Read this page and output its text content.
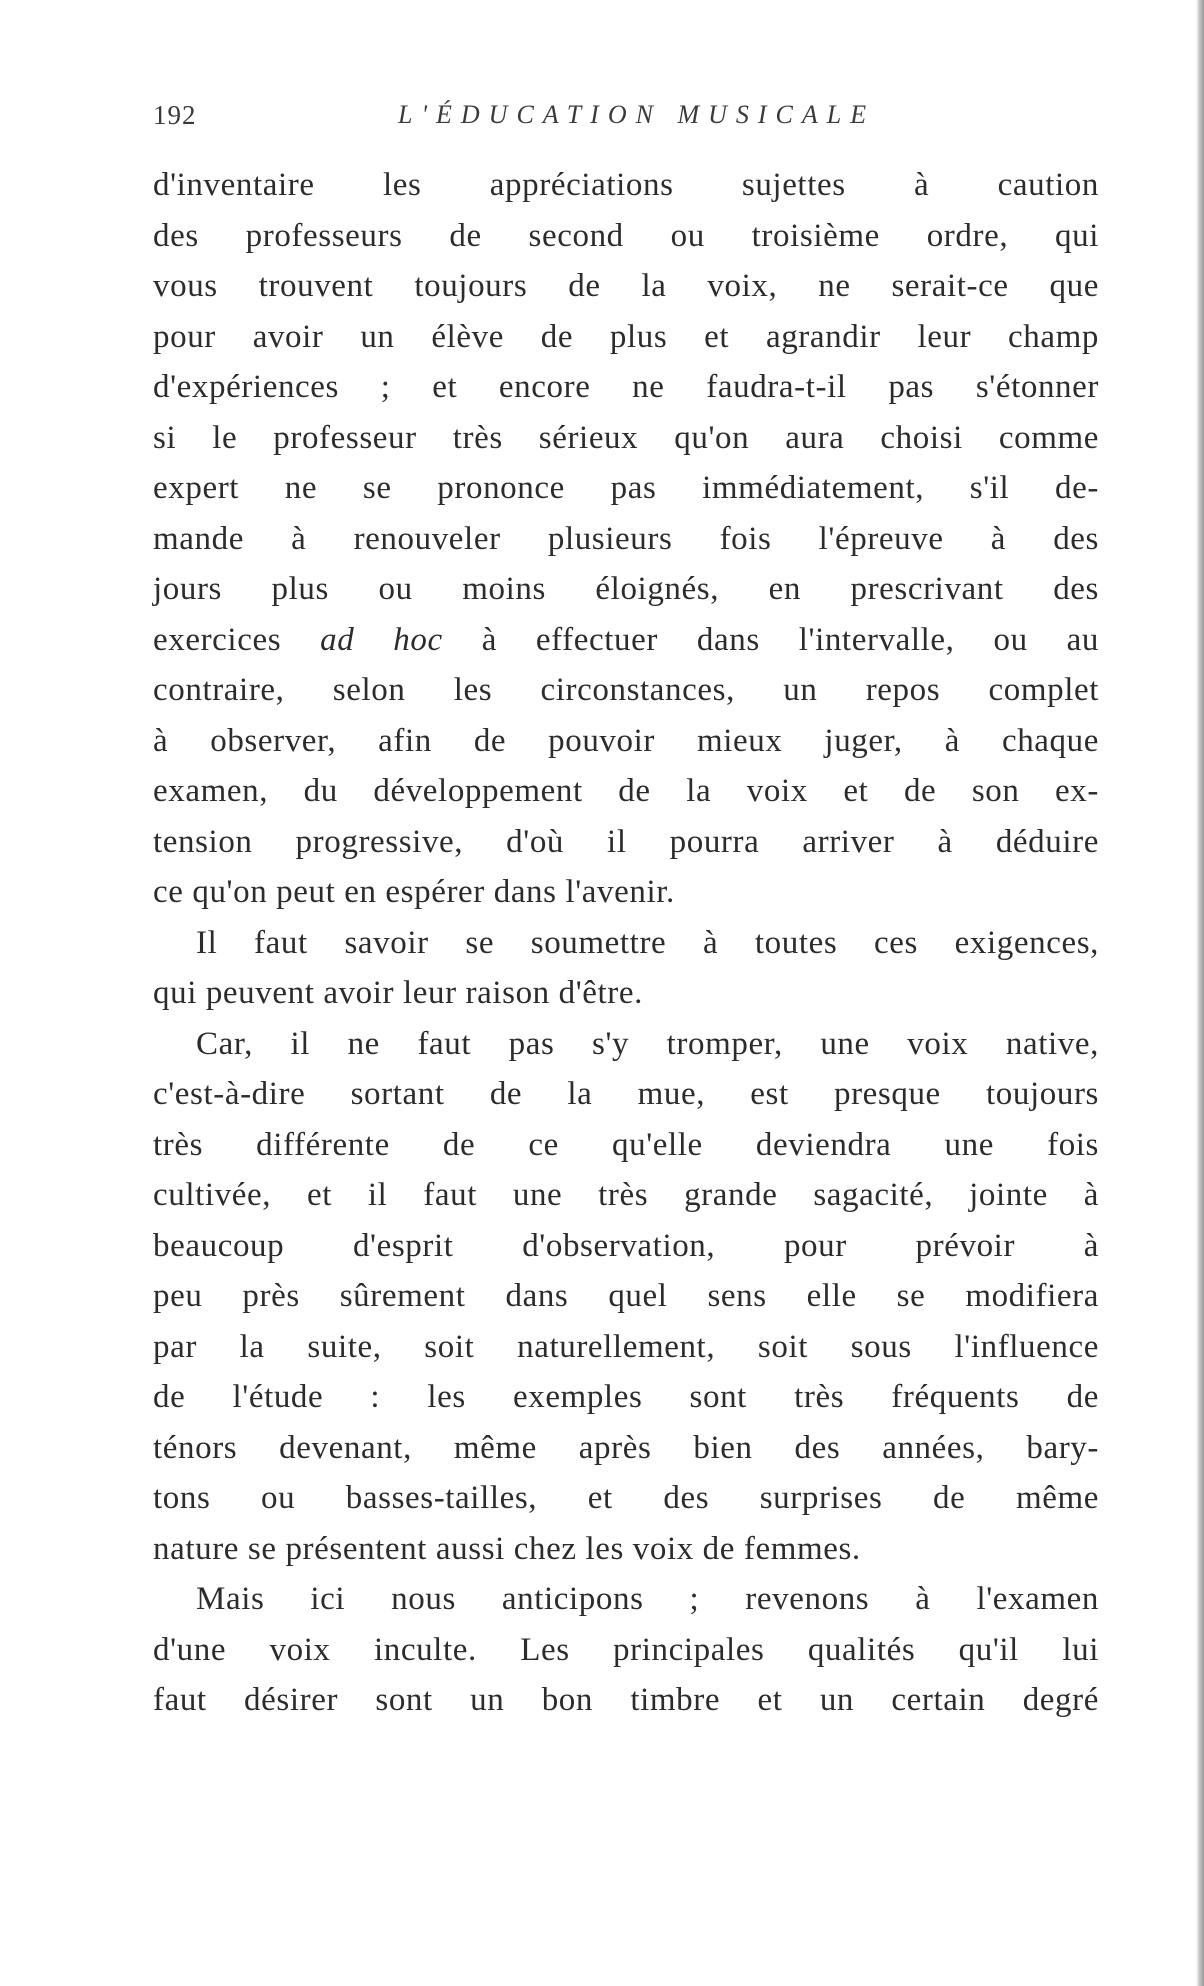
192	L'ÉDUCATION MUSICALE
d'inventaire les appréciations sujettes à caution
des professeurs de second ou troisième ordre, qui
vous trouvent toujours de la voix, ne serait-ce que
pour avoir un élève de plus et agrandir leur champ
d'expériences ; et encore ne faudra-t-il pas s'étonner
si le professeur très sérieux qu'on aura choisi comme
expert ne se prononce pas immédiatement, s'il de-
mande à renouveler plusieurs fois l'épreuve à des
jours plus ou moins éloignés, en prescrivant des
exercices ad hoc à effectuer dans l'intervalle, ou au
contraire, selon les circonstances, un repos complet
à observer, afin de pouvoir mieux juger, à chaque
examen, du développement de la voix et de son ex-
tension progressive, d'où il pourra arriver à déduire
ce qu'on peut en espérer dans l'avenir.
Il faut savoir se soumettre à toutes ces exigences,
qui peuvent avoir leur raison d'être.
Car, il ne faut pas s'y tromper, une voix native,
c'est-à-dire sortant de la mue, est presque toujours
très différente de ce qu'elle deviendra une fois
cultivée, et il faut une très grande sagacité, jointe à
beaucoup d'esprit d'observation, pour prévoir à
peu près sûrement dans quel sens elle se modifiera
par la suite, soit naturellement, soit sous l'influence
de l'étude : les exemples sont très fréquents de
ténors devenant, même après bien des années, bary-
tons ou basses-tailles, et des surprises de même
nature se présentent aussi chez les voix de femmes.
Mais ici nous anticipons ; revenons à l'examen
d'une voix inculte. Les principales qualités qu'il lui
faut désirer sont un bon timbre et un certain degré
